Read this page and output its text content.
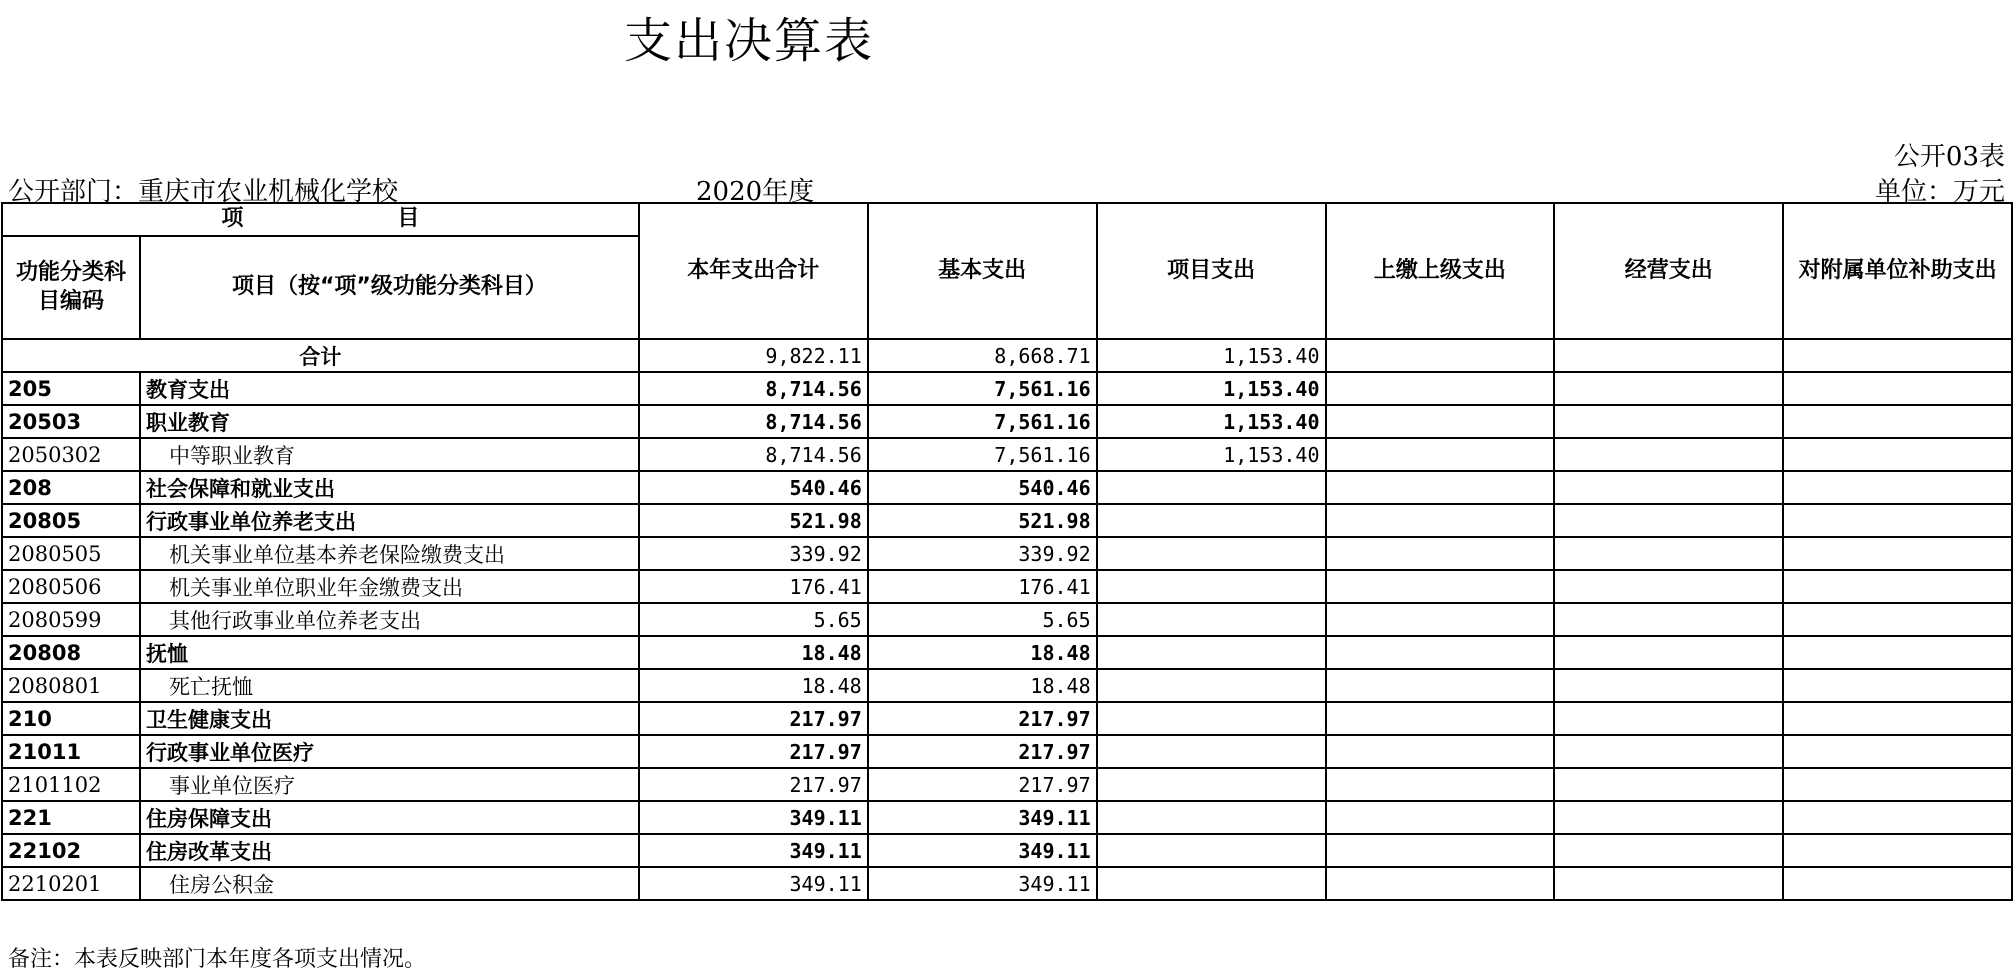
支出决算表
公开03表
公开部门：重庆市农业机械化学校	2020年度	单位：万元
项　　　　　　　目		本年支出合计	基本支出	项目支出	上缴上级支出	经营支出	对附属单位补助支出
功能分类科目编码	项目（按“项”级功能分类科目）						
合计		9,822.11	8,668.71	1,153.40			
205	教育支出	8,714.56	7,561.16	1,153.40			
20503	职业教育	8,714.56	7,561.16	1,153.40			
2050302	中等职业教育	8,714.56	7,561.16	1,153.40			
208	社会保障和就业支出	540.46	540.46				
20805	行政事业单位养老支出	521.98	521.98				
2080505	机关事业单位基本养老保险缴费支出	339.92	339.92				
2080506	机关事业单位职业年金缴费支出	176.41	176.41				
2080599	其他行政事业单位养老支出	5.65	5.65				
20808	抚恤	18.48	18.48				
2080801	死亡抚恤	18.48	18.48				
210	卫生健康支出	217.97	217.97				
21011	行政事业单位医疗	217.97	217.97				
2101102	事业单位医疗	217.97	217.97				
221	住房保障支出	349.11	349.11				
22102	住房改革支出	349.11	349.11				
2210201	住房公积金	349.11	349.11				
备注：本表反映部门本年度各项支出情况。
